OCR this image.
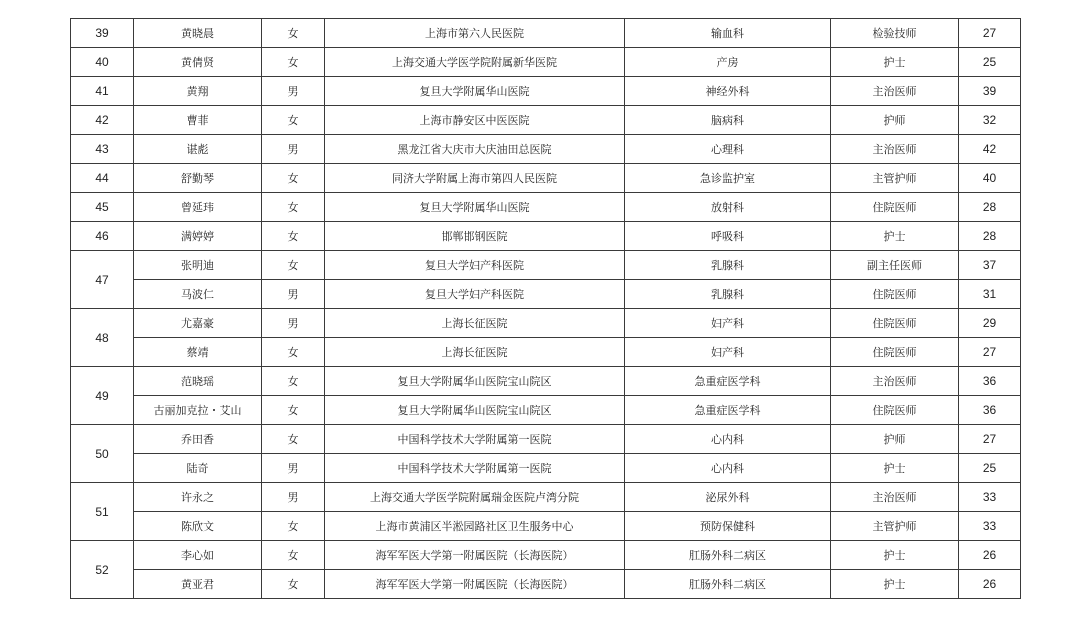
39	黄晓晨	女	上海市第六人民医院	输血科	检验技师	27
40	黄倩贤	女	上海交通大学医学院附属新华医院	产房	护士	25
41	黄翔	男	复旦大学附属华山医院	神经外科	主治医师	39
42	曹菲	女	上海市静安区中医医院	脑病科	护师	32
43	谌彪	男	黑龙江省大庆市大庆油田总医院	心理科	主治医师	42
44	舒勤琴	女	同济大学附属上海市第四人民医院	急诊监护室	主管护师	40
45	曾延玮	女	复旦大学附属华山医院	放射科	住院医师	28
46	满婷婷	女	邯郸邯钢医院	呼吸科	护士	28
47	张明迪	女	复旦大学妇产科医院	乳腺科	副主任医师	37
	马波仁	男	复旦大学妇产科医院	乳腺科	住院医师	31
48	尤嘉豪	男	上海长征医院	妇产科	住院医师	29
	蔡靖	女	上海长征医院	妇产科	住院医师	27
49	范晓瑶	女	复旦大学附属华山医院宝山院区	急重症医学科	主治医师	36
	古丽加克拉・艾山	女	复旦大学附属华山医院宝山院区	急重症医学科	住院医师	36
50	乔田香	女	中国科学技术大学附属第一医院	心内科	护师	27
	陆奇	男	中国科学技术大学附属第一医院	心内科	护士	25
51	许永之	男	上海交通大学医学院附属瑞金医院卢湾分院	泌尿外科	主治医师	33
	陈欣文	女	上海市黄浦区半淞园路社区卫生服务中心	预防保健科	主管护师	33
52	李心如	女	海军军医大学第一附属医院（长海医院）	肛肠外科二病区	护士	26
	黄亚君	女	海军军医大学第一附属医院（长海医院）	肛肠外科二病区	护士	26
